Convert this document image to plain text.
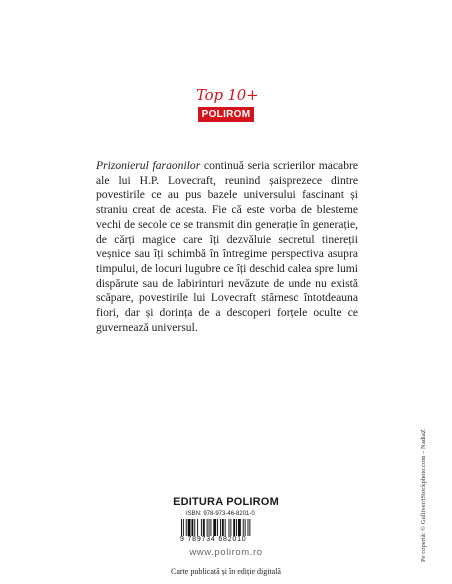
Top 10+
POLIROM

Prizonierul faraonilor continuă seria scrierilor macabre ale lui H.P. Lovecraft, reunind șaisprezece dintre povestirile ce au pus bazele universului fascinant și straniu creat de acesta. Fie că este vorba de blesteme vechi de secole ce se transmit din generație în generație, de cărți magice care îți dezvăluie secretul tinereții veșnice sau îți schimbă în întregime perspectiva asupra timpului, de locuri lugubre ce îți deschid calea spre lumi dispărute sau de labirinturi nevăzute de unde nu există scăpare, povestirile lui Lovecraft stârnesc întotdeauna fiori, dar și dorința de a descoperi forțele oculte ce guvernează universul.

Pe copertă: © Gulliver/iStockphoto.com – NadiaZ
EDITURA POLIROM
ISBN: 978-973-46-8201-0
9 789734 682010
www.polirom.ro
Carte publicată și în ediție digitală
